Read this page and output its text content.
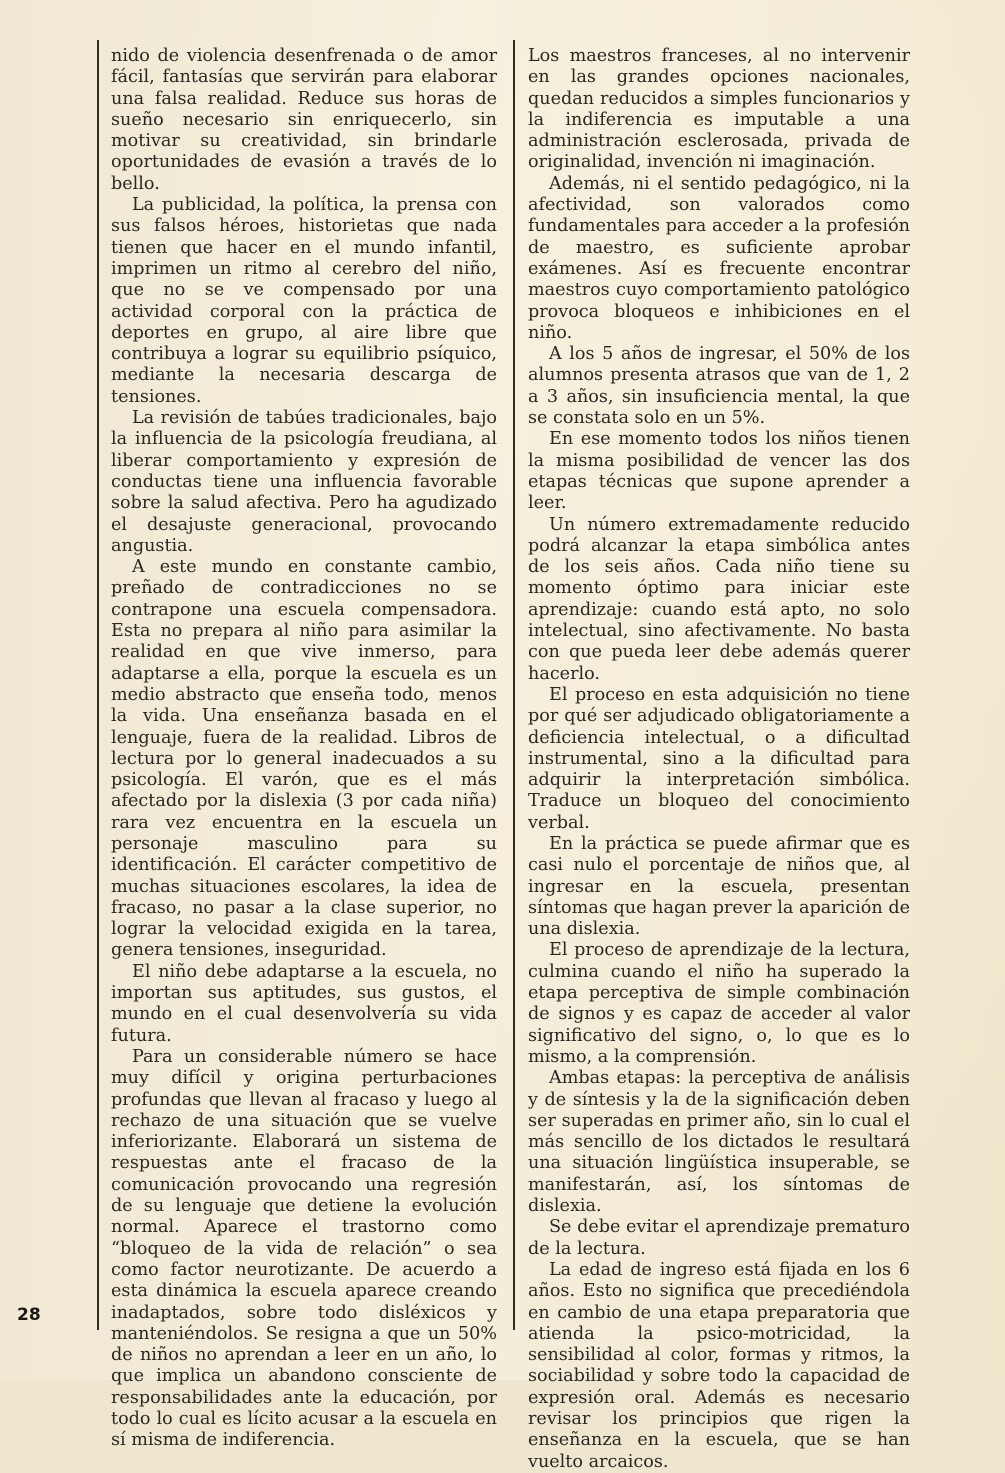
nido de violencia desenfrenada o de amor fácil, fantasías que servirán para elaborar una falsa realidad. Reduce sus horas de sueño necesario sin enriquecerlo, sin motivar su creatividad, sin brindarle oportunidades de evasión a través de lo bello.

La publicidad, la política, la prensa con sus falsos héroes, historietas que nada tienen que hacer en el mundo infantil, imprimen un ritmo al cerebro del niño, que no se ve compensado por una actividad corporal con la práctica de deportes en grupo, al aire libre que contribuya a lograr su equilibrio psíquico, mediante la necesaria descarga de tensiones.

La revisión de tabúes tradicionales, bajo la influencia de la psicología freudiana, al liberar comportamiento y expresión de conductas tiene una influencia favorable sobre la salud afectiva. Pero ha agudizado el desajuste generacional, provocando angustia.

A este mundo en constante cambio, preñado de contradicciones no se contrapone una escuela compensadora. Esta no prepara al niño para asimilar la realidad en que vive inmerso, para adaptarse a ella, porque la escuela es un medio abstracto que enseña todo, menos la vida. Una enseñanza basada en el lenguaje, fuera de la realidad. Libros de lectura por lo general inadecuados a su psicología. El varón, que es el más afectado por la dislexia (3 por cada niña) rara vez encuentra en la escuela un personaje masculino para su identificación. El carácter competitivo de muchas situaciones escolares, la idea de fracaso, no pasar a la clase superior, no lograr la velocidad exigida en la tarea, genera tensiones, inseguridad.

El niño debe adaptarse a la escuela, no importan sus aptitudes, sus gustos, el mundo en el cual desenvolvería su vida futura.

Para un considerable número se hace muy difícil y origina perturbaciones profundas que llevan al fracaso y luego al rechazo de una situación que se vuelve inferiorizante. Elaborará un sistema de respuestas ante el fracaso de la comunicación provocando una regresión de su lenguaje que detiene la evolución normal. Aparece el trastorno como “bloqueo de la vida de relación” o sea como factor neurotizante. De acuerdo a esta dinámica la escuela aparece creando inadaptados, sobre todo disléxicos y manteniéndolos. Se resigna a que un 50% de niños no aprendan a leer en un año, lo que implica un abandono consciente de responsabilidades ante la educación, por todo lo cual es lícito acusar a la escuela en sí misma de indiferencia.

Los maestros franceses, al no intervenir en las grandes opciones nacionales, quedan reducidos a simples funcionarios y la indiferencia es imputable a una administración esclerosada, privada de originalidad, invención ni imaginación.

Además, ni el sentido pedagógico, ni la afectividad, son valorados como fundamentales para acceder a la profesión de maestro, es suficiente aprobar exámenes. Así es frecuente encontrar maestros cuyo comportamiento patológico provoca bloqueos e inhibiciones en el niño.

A los 5 años de ingresar, el 50% de los alumnos presenta atrasos que van de 1, 2 a 3 años, sin insuficiencia mental, la que se constata solo en un 5%.

En ese momento todos los niños tienen la misma posibilidad de vencer las dos etapas técnicas que supone aprender a leer.

Un número extremadamente reducido podrá alcanzar la etapa simbólica antes de los seis años. Cada niño tiene su momento óptimo para iniciar este aprendizaje: cuando está apto, no solo intelectual, sino afectivamente. No basta con que pueda leer debe además querer hacerlo.

El proceso en esta adquisición no tiene por qué ser adjudicado obligatoriamente a deficiencia intelectual, o a dificultad instrumental, sino a la dificultad para adquirir la interpretación simbólica. Traduce un bloqueo del conocimiento verbal.

En la práctica se puede afirmar que es casi nulo el porcentaje de niños que, al ingresar en la escuela, presentan síntomas que hagan prever la aparición de una dislexia.

El proceso de aprendizaje de la lectura, culmina cuando el niño ha superado la etapa perceptiva de simple combinación de signos y es capaz de acceder al valor significativo del signo, o, lo que es lo mismo, a la comprensión.

Ambas etapas: la perceptiva de análisis y de síntesis y la de la significación deben ser superadas en primer año, sin lo cual el más sencillo de los dictados le resultará una situación lingüística insuperable, se manifestarán, así, los síntomas de dislexia.

Se debe evitar el aprendizaje prematuro de la lectura.

La edad de ingreso está fijada en los 6 años. Esto no significa que precediéndola en cambio de una etapa preparatoria que atienda la psico-motricidad, la sensibilidad al color, formas y ritmos, la sociabilidad y sobre todo la capacidad de expresión oral. Además es necesario revisar los principios que rigen la enseñanza en la escuela, que se han vuelto arcaicos.

28
